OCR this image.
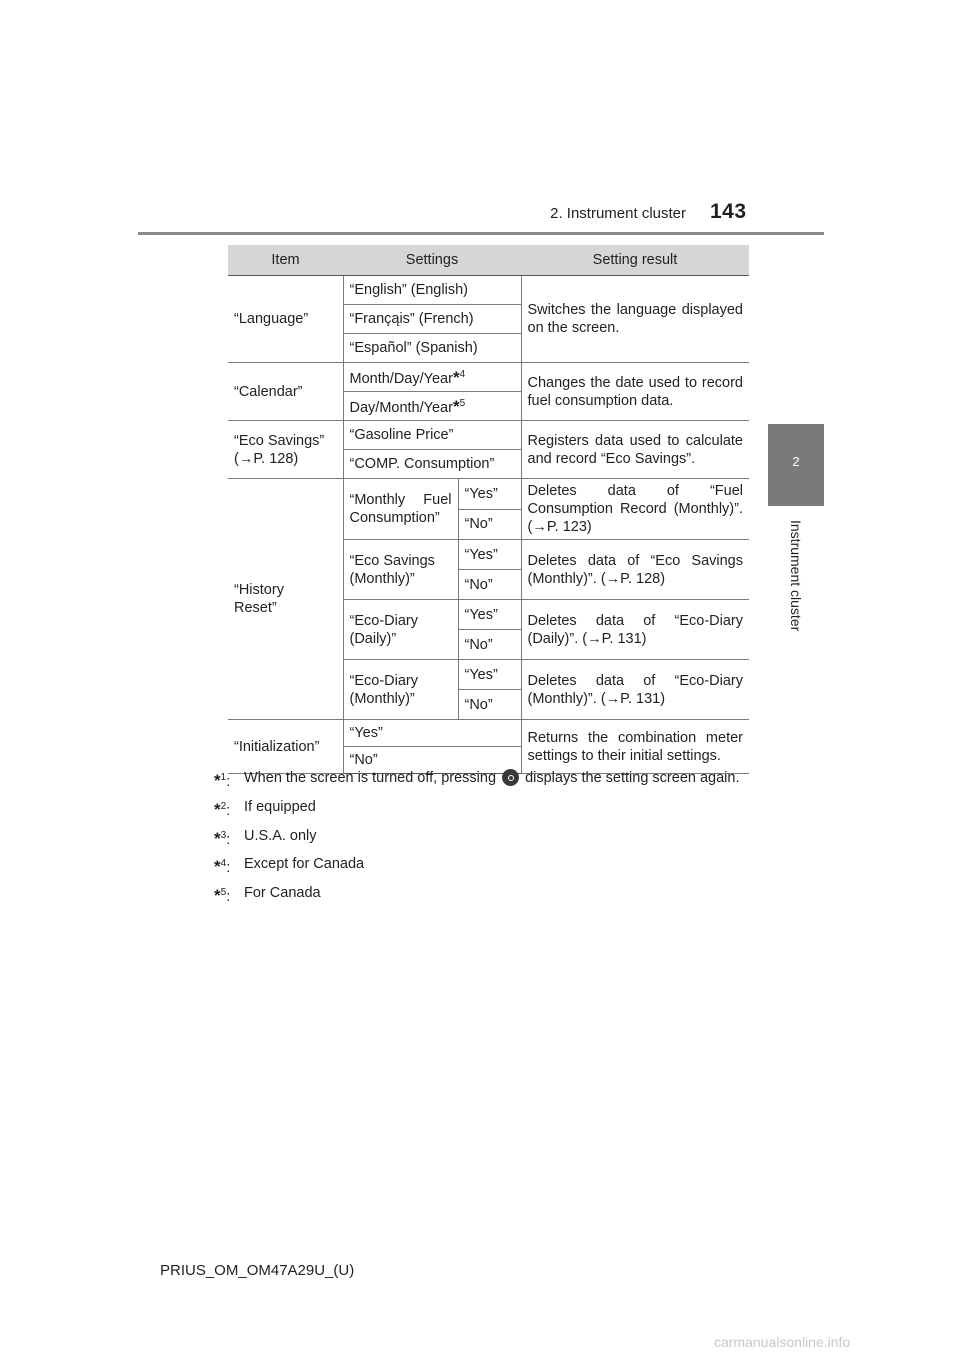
2. Instrument cluster 143
2
Instrument cluster
Item	Settings		Setting result
“Language”	“English” (English)		Switches the language displayed on the screen.
	“Françąis” (French)		
	“Español” (Spanish)		
“Calendar”	Month/Day/Year*$^4$		Changes the date used to record fuel consumption data.
	Day/Month/Year*$^5$
“Eco Savings”
(→P. 128)	“Gasoline Price”		Registers data used to calculate and record “Eco Savings”.
	“COMP. Consumption”		
“History
Reset”	“Monthly Fuel Consumption”	“Yes”	Deletes data of “Fuel Consumption Record (Monthly)”. (→P. 123)
		“No”	
	“Eco Savings (Monthly)”	“Yes”	Deletes data of “Eco Savings (Monthly)”. (→P. 128)
		“No”	
	“Eco-Diary (Daily)”	“Yes”	Deletes data of “Eco-Diary (Daily)”. (→P. 131)
		“No”	
	“Eco-Diary (Monthly)”	“Yes”	Deletes data of “Eco-Diary (Monthly)”. (→P. 131)
		“No”	
“Initialization”	“Yes”		Returns the combination meter settings to their initial settings.
	“No”		
*$^1$: When the screen is turned off, pressing displays the setting screen again.
*$^2$: If equipped
*$^3$: U.S.A. only
*$^4$: Except for Canada
*$^5$: For Canada
PRIUS_OM_OM47A29U_(U)
carmanualsonline.info
